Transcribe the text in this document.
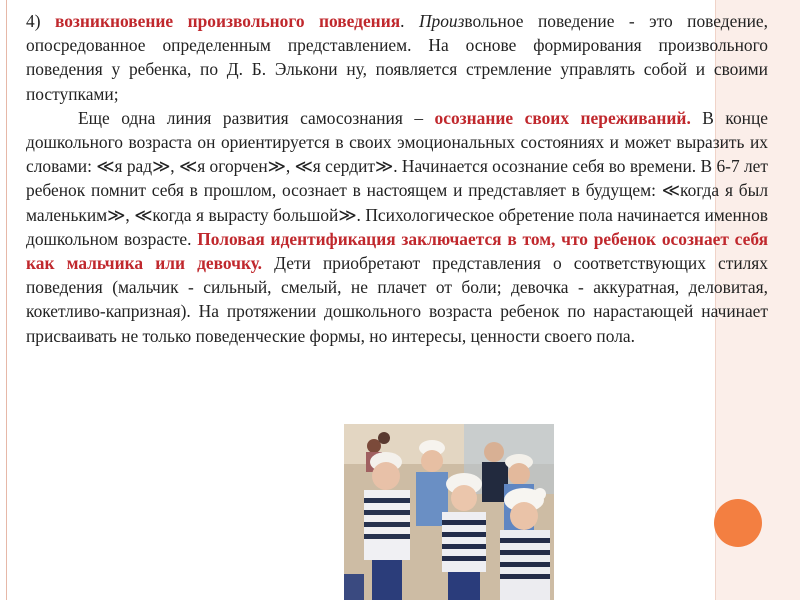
4) возникновение произвольного поведения. Произвольное поведение - это поведение, опосредованное определенным представлением. На основе формирования произвольного поведения у ребенка, по Д. Б. Элькони ну, появляется стремление управлять собой и своими поступками;

Еще одна линия развития самосознания – осознание своих переживаний. В конце дошкольного возраста он ориентируется в своих эмоциональных состояниях и может выразить их словами: ≪я рад≫, ≪я огорчен≫, ≪я сердит≫. Начинается осознание себя во времени. В 6-7 лет ребенок помнит себя в прошлом, осознает в настоящем и представляет в будущем: ≪когда я был маленьким≫, ≪когда я вырасту большой≫. Психологическое обретение пола начинается именнов дошкольном возрасте. Половая идентификация заключается в том, что ребенок осознает себя как мальчика или девочку. Дети приобретают представления о соответствующих стилях поведения (мальчик - сильный, смелый, не плачет от боли; девочка - аккуратная, деловитая, кокетливо-капризная). На протяжении дошкольного возраста ребенок по нарастающей начинает присваивать не только поведенческие формы, но интересы, ценности своего пола.
